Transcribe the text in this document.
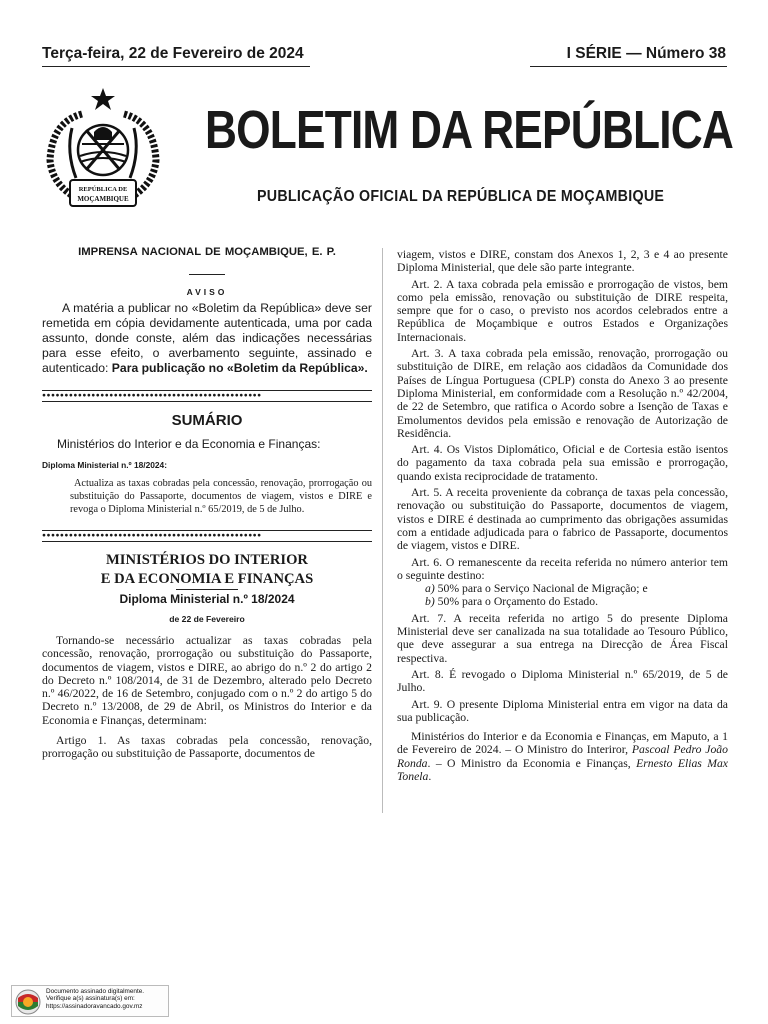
Terça-feira, 22 de Fevereiro de 2024	I SÉRIE — Número 38
REPÚBLICA DE
MOÇAMBIQUE
BOLETIM DA REPÚBLICA
PUBLICAÇÃO OFICIAL DA REPÚBLICA DE MOÇAMBIQUE
IMPRENSA NACIONAL DE MOÇAMBIQUE, E. P.
AVISO

A matéria a publicar no «Boletim da República» deve ser remetida em cópia devidamente autenticada, uma por cada assunto, donde conste, além das indicações necessárias para esse efeito, o averbamento seguinte, assinado e autenticado: Para publicação no «Boletim da República».

●●●●●●●●●●●●●●●●●●●●●●●●●●●●●●●●●●●●●●●●●●●●●●●●●
SUMÁRIO
Ministérios do Interior e da Economia e Finanças:
Diploma Ministerial n.º 18/2024:

Actualiza as taxas cobradas pela concessão, renovação, prorrogação ou substituição do Passaporte, documentos de viagem, vistos e DIRE e revoga o Diploma Ministerial n.º 65/2019, de 5 de Julho.

●●●●●●●●●●●●●●●●●●●●●●●●●●●●●●●●●●●●●●●●●●●●●●●●●
MINISTÉRIOS DO INTERIOR
E DA ECONOMIA E FINANÇAS
Diploma Ministerial n.º 18/2024
de 22 de Fevereiro

Tornando-se necessário actualizar as taxas cobradas pela concessão, renovação, prorrogação ou substituição do Passaporte, documentos de viagem, vistos e DIRE, ao abrigo do n.º 2 do artigo 2 do Decreto n.º 108/2014, de 31 de Dezembro, alterado pelo Decreto n.º 46/2022, de 16 de Setembro, conjugado com o n.º 2 do artigo 5 do Decreto n.º 13/2008, de 29 de Abril, os Ministros do Interior e da Economia e Finanças, determinam:

Artigo 1. As taxas cobradas pela concessão, renovação, prorrogação ou substituição de Passaporte, documentos de

viagem, vistos e DIRE, constam dos Anexos 1, 2, 3 e 4 ao presente Diploma Ministerial, que dele são parte integrante.

Art. 2. A taxa cobrada pela emissão e prorrogação de vistos, bem como pela emissão, renovação ou substituição de DIRE respeita, sempre que for o caso, o previsto nos acordos celebrados entre a República de Moçambique e outros Estados e Organizações Internacionais.

Art. 3. A taxa cobrada pela emissão, renovação, prorrogação ou substituição de DIRE, em relação aos cidadãos da Comunidade dos Países de Língua Portuguesa (CPLP) consta do Anexo 3 ao presente Diploma Ministerial, em conformidade com a Resolução n.º 42/2004, de 22 de Setembro, que ratifica o Acordo sobre a Isenção de Taxas e Emolumentos devidos pela emissão e renovação de Autorização de Residência.

Art. 4. Os Vistos Diplomático, Oficial e de Cortesia estão isentos do pagamento da taxa cobrada pela sua emissão e prorrogação, quando exista reciprocidade de tratamento.

Art. 5. A receita proveniente da cobrança de taxas pela concessão, renovação ou substituição do Passaporte, documentos de viagem, vistos e DIRE é destinada ao cumprimento das obrigações assumidas com a entidade adjudicada para o fabrico de Passaporte, documentos de viagem, vistos e DIRE.

Art. 6. O remanescente da receita referida no número anterior tem o seguinte destino:

a) 50% para o Serviço Nacional de Migração; e
b) 50% para o Orçamento do Estado.

Art. 7. A receita referida no artigo 5 do presente Diploma Ministerial deve ser canalizada na sua totalidade ao Tesouro Público, que deve assegurar a sua entrega na Direcção de Área Fiscal respectiva.

Art. 8. É revogado o Diploma Ministerial n.º 65/2019, de 5 de Julho.

Art. 9. O presente Diploma Ministerial entra em vigor na data da sua publicação.

Ministérios do Interior e da Economia e Finanças, em Maputo, a 1 de Fevereiro de 2024. – O Ministro do Interiror, Pascoal Pedro João Ronda. – O Ministro da Economia e Finanças, Ernesto Elias Max Tonela.

Documento assinado digitalmente.
Verifique a(s) assinatura(s) em:
https://assinadoravancado.gov.mz
